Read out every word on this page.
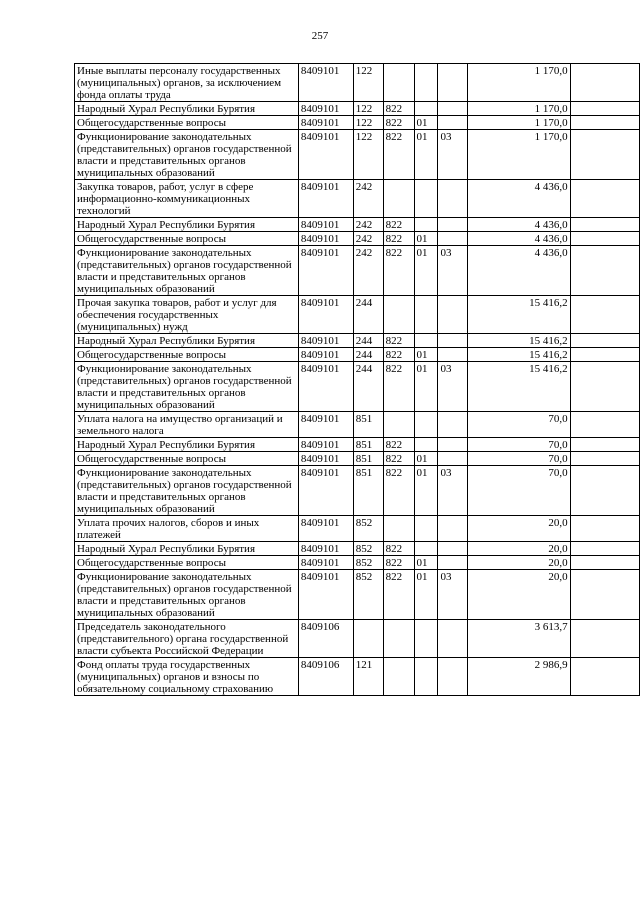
257
Иные выплаты персоналу государственных (муниципальных) органов, за исключением фонда оплаты труда	8409101	122				1 170,0	
Народный Хурал Республики Бурятия	8409101	122	822			1 170,0	
Общегосударственные вопросы	8409101	122	822	01		1 170,0	
Функционирование законодательных (представительных) органов государственной власти и представительных органов муниципальных образований	8409101	122	822	01	03	1 170,0	
Закупка товаров, работ, услуг в сфере информационно-коммуникационных технологий	8409101	242				4 436,0	
Народный Хурал Республики Бурятия	8409101	242	822			4 436,0	
Общегосударственные вопросы	8409101	242	822	01		4 436,0	
Функционирование законодательных (представительных) органов государственной власти и представительных органов муниципальных образований	8409101	242	822	01	03	4 436,0	
Прочая закупка товаров, работ и услуг для обеспечения государственных (муниципальных) нужд	8409101	244				15 416,2	
Народный Хурал Республики Бурятия	8409101	244	822			15 416,2	
Общегосударственные вопросы	8409101	244	822	01		15 416,2	
Функционирование законодательных (представительных) органов государственной власти и представительных органов муниципальных образований	8409101	244	822	01	03	15 416,2	
Уплата налога на имущество организаций и земельного налога	8409101	851				70,0	
Народный Хурал Республики Бурятия	8409101	851	822			70,0	
Общегосударственные вопросы	8409101	851	822	01		70,0	
Функционирование законодательных (представительных) органов государственной власти и представительных органов муниципальных образований	8409101	851	822	01	03	70,0	
Уплата прочих налогов, сборов и иных платежей	8409101	852				20,0	
Народный Хурал Республики Бурятия	8409101	852	822			20,0	
Общегосударственные вопросы	8409101	852	822	01		20,0	
Функционирование законодательных (представительных) органов государственной власти и представительных органов муниципальных образований	8409101	852	822	01	03	20,0	
Председатель законодательного (представительного) органа государственной власти субъекта Российской Федерации	8409106					3 613,7	
Фонд оплаты труда государственных (муниципальных) органов и взносы по обязательному социальному страхованию	8409106	121				2 986,9	
